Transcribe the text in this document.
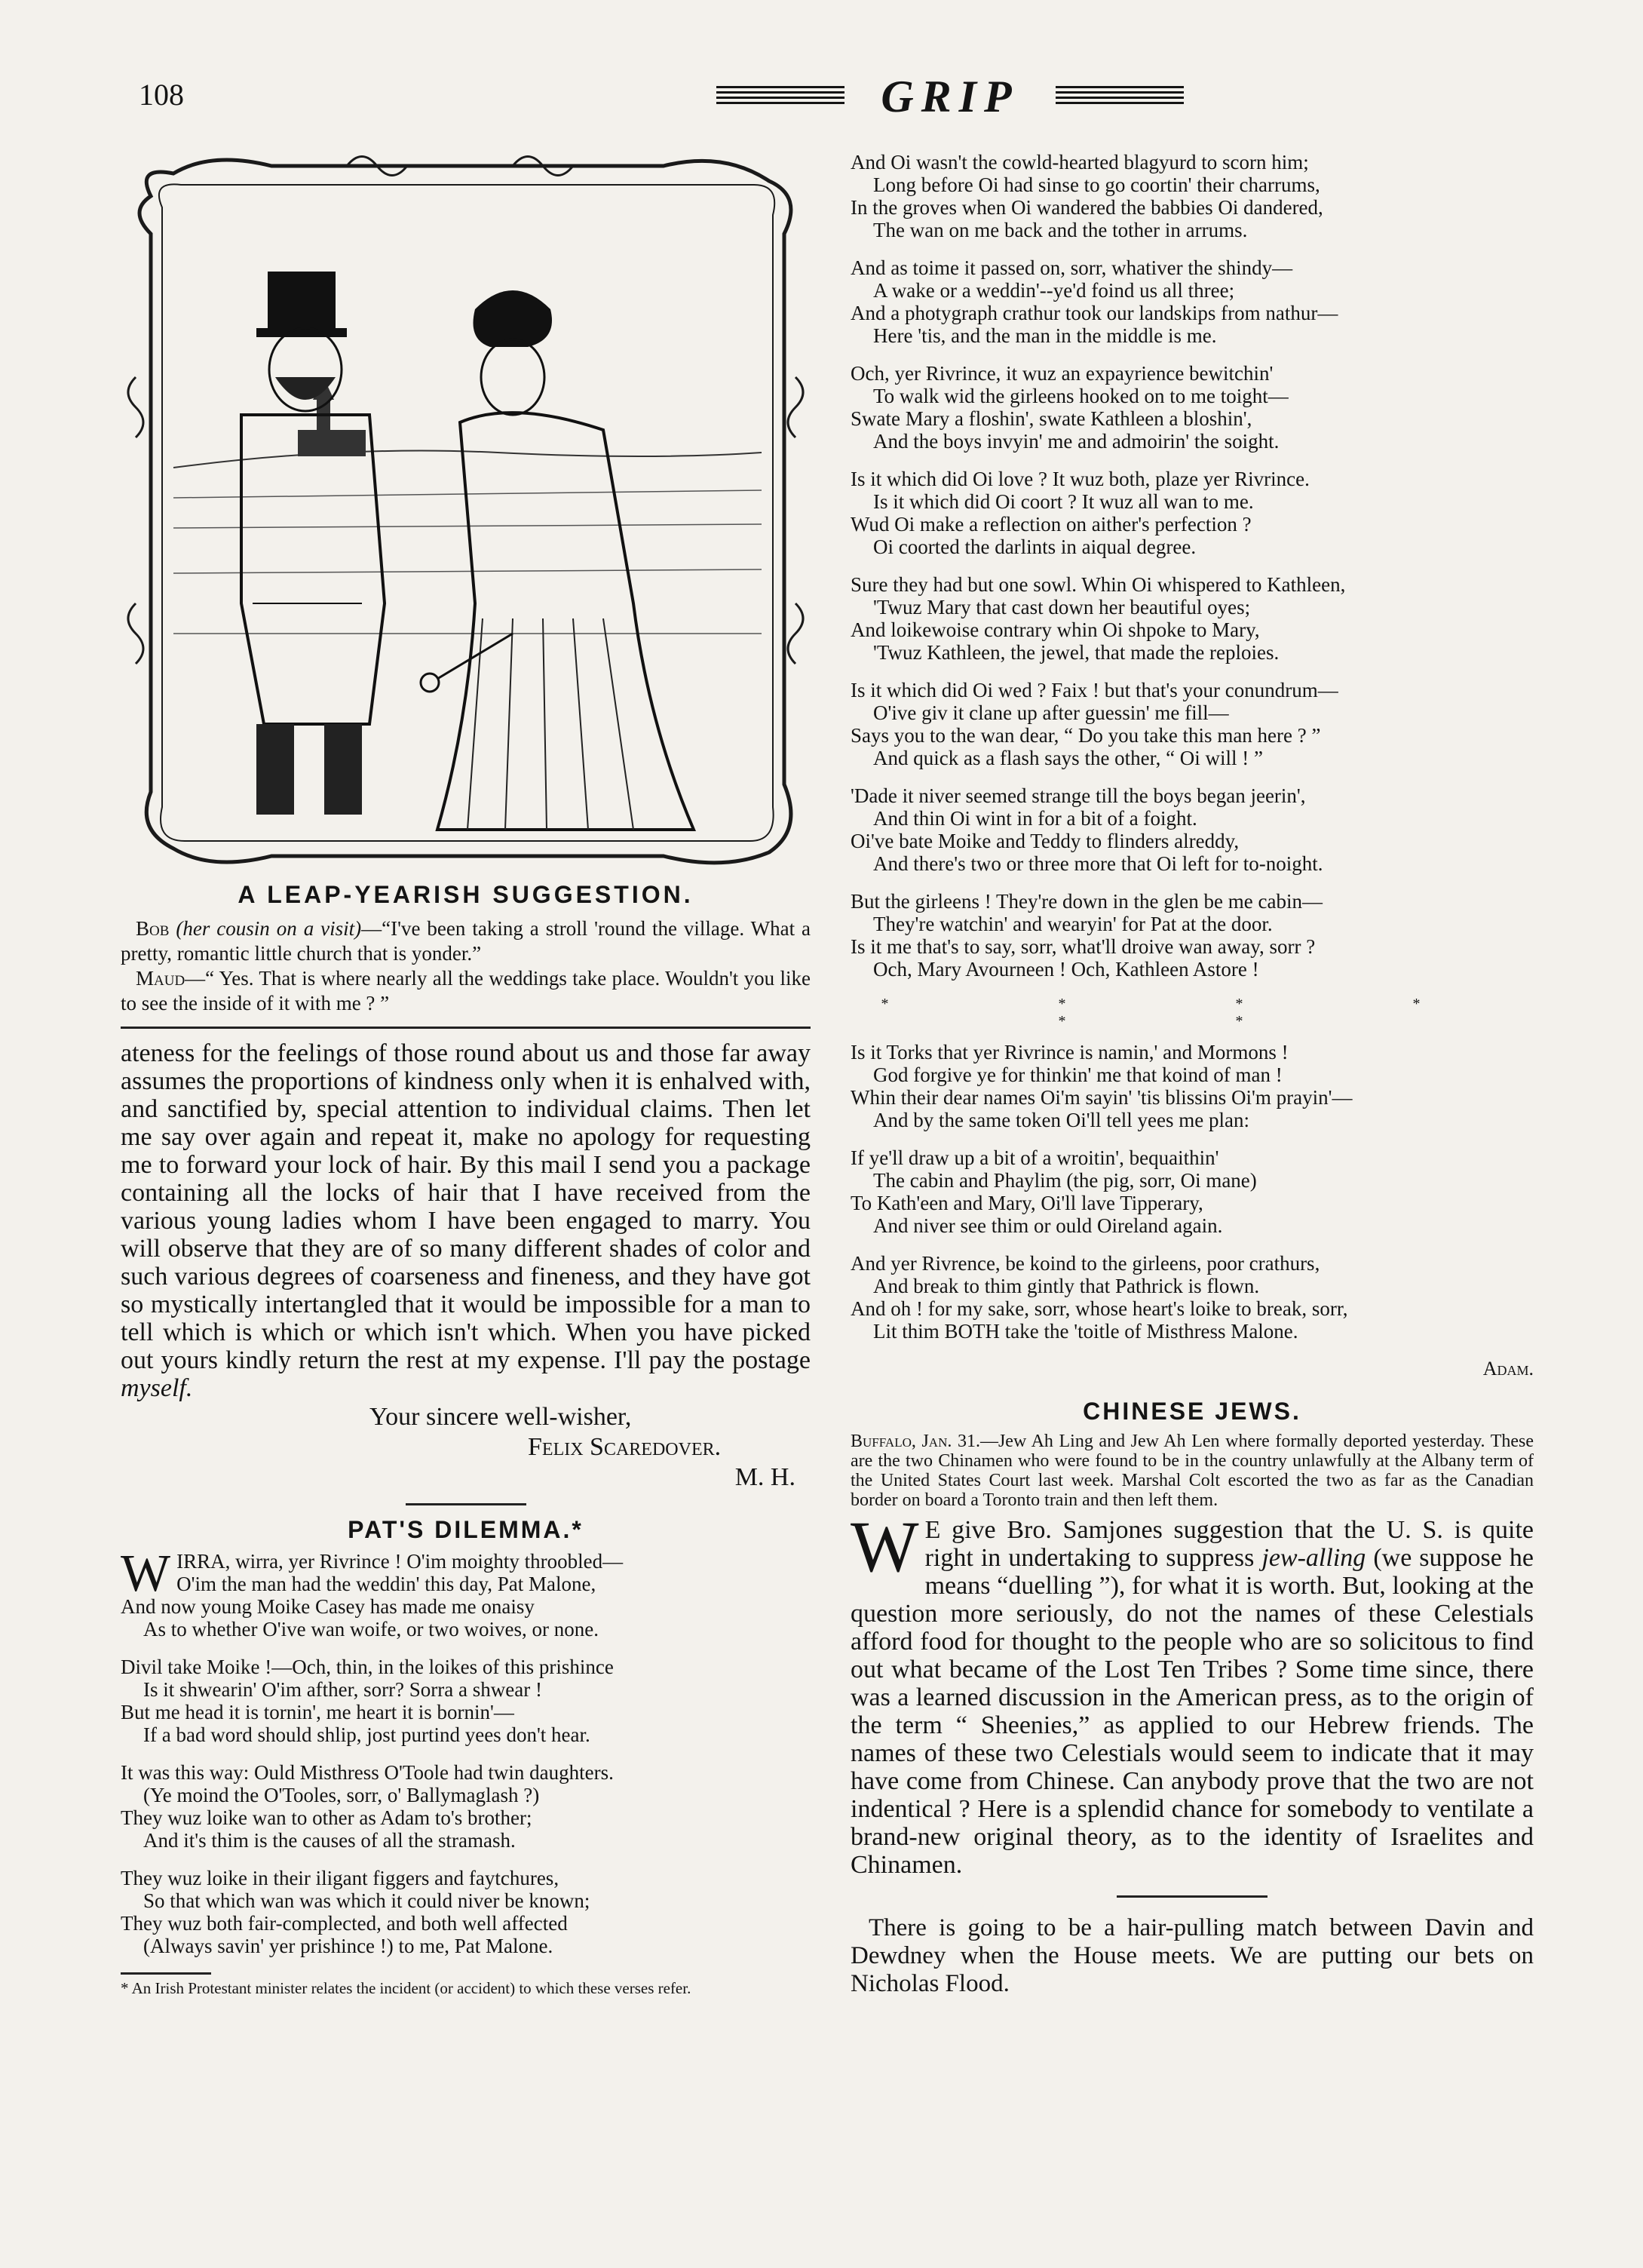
108	GRIP
A LEAP-YEARISH SUGGESTION.

Bob (her cousin on a visit)—“I've been taking a stroll 'round the village. What a pretty, romantic little church that is yonder.”

Maud—“ Yes. That is where nearly all the weddings take place. Wouldn't you like to see the inside of it with me ? ”

ateness for the feelings of those round about us and those far away assumes the proportions of kindness only when it is enhalved with, and sanctified by, special attention to individual claims. Then let me say over again and repeat it, make no apology for requesting me to forward your lock of hair. By this mail I send you a package containing all the locks of hair that I have received from the various young ladies whom I have been engaged to marry. You will observe that they are of so many different shades of color and such various degrees of coarseness and fineness, and they have got so mystically intertangled that it would be impossible for a man to tell which is which or which isn't which. When you have picked out yours kindly return the rest at my expense. I'll pay the postage myself.

Your sincere well-wisher,
Felix Scaredover.
M. H.
PAT'S DILEMMA.*
W IRRA, wirra, yer Rivrince ! O'im moighty throobled—
O'im the man had the weddin' this day, Pat Malone,
And now young Moike Casey has made me onaisy
As to whether O'ive wan woife, or two woives, or none.
Divil take Moike !—Och, thin, in the loikes of this prishince
Is it shwearin' O'im afther, sorr? Sorra a shwear !
But me head it is tornin', me heart it is bornin'—
If a bad word should shlip, jost purtind yees don't hear.
It was this way: Ould Misthress O'Toole had twin daughters.
(Ye moind the O'Tooles, sorr, o' Ballymaglash ?)
They wuz loike wan to other as Adam to's brother;
And it's thim is the causes of all the stramash.
They wuz loike in their iligant figgers and faytchures,
So that which wan was which it could niver be known;
They wuz both fair-complected, and both well affected
(Always savin' yer prishince !) to me, Pat Malone.
* An Irish Protestant minister relates the incident (or accident) to which these verses refer.
And Oi wasn't the cowld-hearted blagyurd to scorn him;
Long before Oi had sinse to go coortin' their charrums,
In the groves when Oi wandered the babbies Oi dandered,
The wan on me back and the tother in arrums.
And as toime it passed on, sorr, whativer the shindy—
A wake or a weddin'--ye'd foind us all three;
And a photygraph crathur took our landskips from nathur—
Here 'tis, and the man in the middle is me.
Och, yer Rivrince, it wuz an expayrience bewitchin'
To walk wid the girleens hooked on to me toight—
Swate Mary a floshin', swate Kathleen a bloshin',
And the boys invyin' me and admoirin' the soight.
Is it which did Oi love ? It wuz both, plaze yer Rivrince.
Is it which did Oi coort ? It wuz all wan to me.
Wud Oi make a reflection on aither's perfection ?
Oi coorted the darlints in aiqual degree.
Sure they had but one sowl. Whin Oi whispered to Kathleen,
'Twuz Mary that cast down her beautiful oyes;
And loikewoise contrary whin Oi shpoke to Mary,
'Twuz Kathleen, the jewel, that made the reploies.
Is it which did Oi wed ? Faix ! but that's your conundrum—
O'ive giv it clane up after guessin' me fill—
Says you to the wan dear, “ Do you take this man here ? ”
And quick as a flash says the other, “ Oi will ! ”
'Dade it niver seemed strange till the boys began jeerin',
And thin Oi wint in for a bit of a foight.
Oi've bate Moike and Teddy to flinders alreddy,
And there's two or three more that Oi left for to-noight.
But the girleens ! They're down in the glen be me cabin—
They're watchin' and wearyin' for Pat at the door.
Is it me that's to say, sorr, what'll droive wan away, sorr ?
Och, Mary Avourneen ! Och, Kathleen Astore !
* * * * * *
Is it Torks that yer Rivrince is namin,' and Mormons !
God forgive ye for thinkin' me that koind of man !
Whin their dear names Oi'm sayin' 'tis blissins Oi'm prayin'—
And by the same token Oi'll tell yees me plan:
If ye'll draw up a bit of a wroitin', bequaithin'
The cabin and Phaylim (the pig, sorr, Oi mane)
To Kath'een and Mary, Oi'll lave Tipperary,
And niver see thim or ould Oireland again.
And yer Rivrence, be koind to the girleens, poor crathurs,
And break to thim gintly that Pathrick is flown.
And oh ! for my sake, sorr, whose heart's loike to break, sorr,
Lit thim BOTH take the 'toitle of Misthress Malone.
Adam.
CHINESE JEWS.

Buffalo, Jan. 31.—Jew Ah Ling and Jew Ah Len where formally deported yesterday. These are the two Chinamen who were found to be in the country unlawfully at the Albany term of the United States Court last week. Marshal Colt escorted the two as far as the Canadian border on board a Toronto train and then left them.

W E give Bro. Samjones suggestion that the U. S. is quite right in undertaking to suppress jew-alling (we suppose he means “duelling ”), for what it is worth. But, looking at the question more seriously, do not the names of these Celestials afford food for thought to the people who are so solicitous to find out what became of the Lost Ten Tribes ? Some time since, there was a learned discussion in the American press, as to the origin of the term “ Sheenies,” as applied to our Hebrew friends. The names of these two Celestials would seem to indicate that it may have come from Chinese. Can anybody prove that the two are not indentical ? Here is a splendid chance for somebody to ventilate a brand-new original theory, as to the identity of Israelites and Chinamen.

There is going to be a hair-pulling match between Davin and Dewdney when the House meets. We are putting our bets on Nicholas Flood.
